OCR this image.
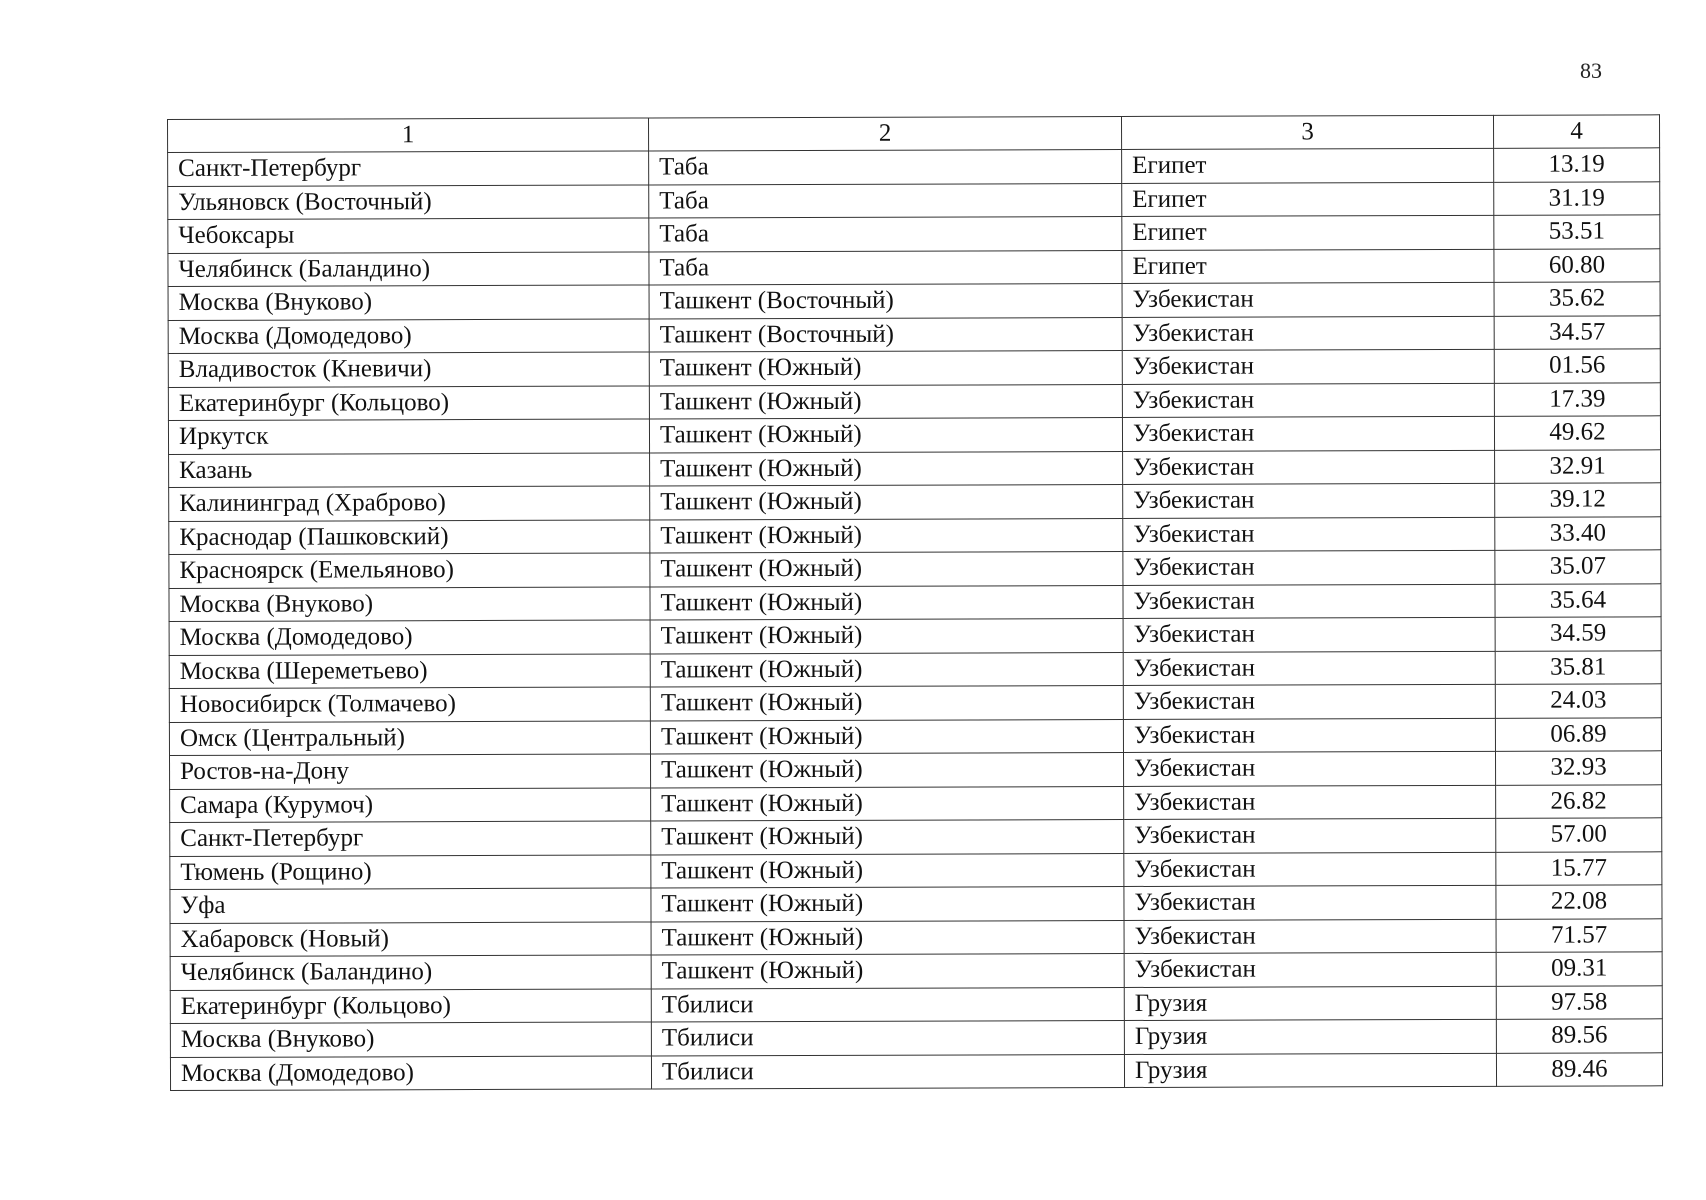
83
1	2	3	4
Санкт-Петербург	Таба	Египет	13.19
Ульяновск (Восточный)	Таба	Египет	31.19
Чебоксары	Таба	Египет	53.51
Челябинск (Баландино)	Таба	Египет	60.80
Москва (Внуково)	Ташкент (Восточный)	Узбекистан	35.62
Москва (Домодедово)	Ташкент (Восточный)	Узбекистан	34.57
Владивосток (Кневичи)	Ташкент (Южный)	Узбекистан	01.56
Екатеринбург (Кольцово)	Ташкент (Южный)	Узбекистан	17.39
Иркутск	Ташкент (Южный)	Узбекистан	49.62
Казань	Ташкент (Южный)	Узбекистан	32.91
Калининград (Храброво)	Ташкент (Южный)	Узбекистан	39.12
Краснодар (Пашковский)	Ташкент (Южный)	Узбекистан	33.40
Красноярск (Емельяново)	Ташкент (Южный)	Узбекистан	35.07
Москва (Внуково)	Ташкент (Южный)	Узбекистан	35.64
Москва (Домодедово)	Ташкент (Южный)	Узбекистан	34.59
Москва (Шереметьево)	Ташкент (Южный)	Узбекистан	35.81
Новосибирск (Толмачево)	Ташкент (Южный)	Узбекистан	24.03
Омск (Центральный)	Ташкент (Южный)	Узбекистан	06.89
Ростов-на-Дону	Ташкент (Южный)	Узбекистан	32.93
Самара (Курумоч)	Ташкент (Южный)	Узбекистан	26.82
Санкт-Петербург	Ташкент (Южный)	Узбекистан	57.00
Тюмень (Рощино)	Ташкент (Южный)	Узбекистан	15.77
Уфа	Ташкент (Южный)	Узбекистан	22.08
Хабаровск (Новый)	Ташкент (Южный)	Узбекистан	71.57
Челябинск (Баландино)	Ташкент (Южный)	Узбекистан	09.31
Екатеринбург (Кольцово)	Тбилиси	Грузия	97.58
Москва (Внуково)	Тбилиси	Грузия	89.56
Москва (Домодедово)	Тбилиси	Грузия	89.46
